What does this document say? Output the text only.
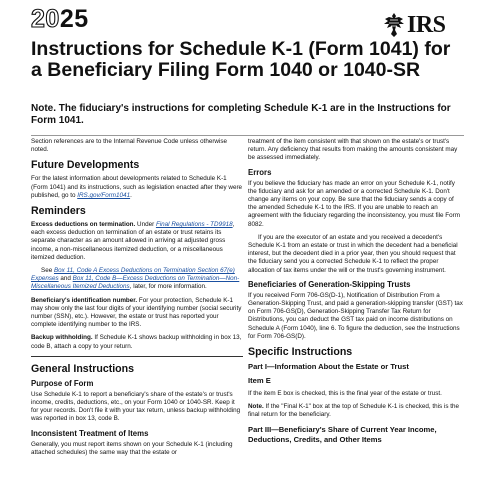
2025	IRS
Instructions for Schedule K-1 (Form 1041) for a Beneficiary Filing Form 1040 or 1040-SR

Note. The fiduciary's instructions for completing Schedule K-1 are in the Instructions for Form 1041.

Section references are to the Internal Revenue Code unless otherwise noted.

Future Developments

For the latest information about developments related to Schedule K-1 (Form 1041) and its instructions, such as legislation enacted after they were published, go to IRS.gov/Form1041.

Reminders

Excess deductions on termination. Under Final Regulations - TD9918, each excess deduction on termination of an estate or trust retains its separate character as an amount allowed in arriving at adjusted gross income, a non-miscellaneous itemized deduction, or a miscellaneous itemized deduction.

See Box 11, Code A Excess Deductions on Termination Section 67(e) Expenses and Box 11, Code B—Excess Deductions on Termination—Non-Miscellaneous Itemized Deductions, later, for more information.

Beneficiary's identification number. For your protection, Schedule K-1 may show only the last four digits of your identifying number (social security number (SSN), etc.). However, the estate or trust has reported your complete identifying number to the IRS.

Backup withholding. If Schedule K-1 shows backup withholding in box 13, code B, attach a copy to your return.

General Instructions
Purpose of Form

Use Schedule K-1 to report a beneficiary's share of the estate's or trust's income, credits, deductions, etc., on your Form 1040 or 1040-SR. Keep it for your records. Don't file it with your tax return, unless backup withholding was reported in box 13, code B.

Inconsistent Treatment of Items

Generally, you must report items shown on your Schedule K-1 (including attached schedules) the same way that the estate or

treatment of the item consistent with that shown on the estate's or trust's return. Any deficiency that results from making the amounts consistent may be assessed immediately.

Errors

If you believe the fiduciary has made an error on your Schedule K-1, notify the fiduciary and ask for an amended or a corrected Schedule K-1. Don't change any items on your copy. Be sure that the fiduciary sends a copy of the amended Schedule K-1 to the IRS. If you are unable to reach an agreement with the fiduciary regarding the inconsistency, you must file Form 8082.

If you are the executor of an estate and you received a decedent's Schedule K-1 from an estate or trust in which the decedent had a beneficial interest, but the decedent died in a prior year, then you should request that the fiduciary send you a corrected Schedule K-1 to reflect the proper allocation of tax items under the will or the trust's governing instrument.

Beneficiaries of Generation-Skipping Trusts

If you received Form 706-GS(D-1), Notification of Distribution From a Generation-Skipping Trust, and paid a generation-skipping transfer (GST) tax on Form 706-GS(D), Generation-Skipping Transfer Tax Return for Distributions, you can deduct the GST tax paid on income distributions on Schedule A (Form 1040), line 6. To figure the deduction, see the Instructions for Form 706-GS(D).

Specific Instructions
Part I—Information About the Estate or Trust
Item E

If the item E box is checked, this is the final year of the estate or trust.

Note. If the "Final K-1" box at the top of Schedule K-1 is checked, this is the final return for the beneficiary.

Part III—Beneficiary's Share of Current Year Income, Deductions, Credits, and Other Items
